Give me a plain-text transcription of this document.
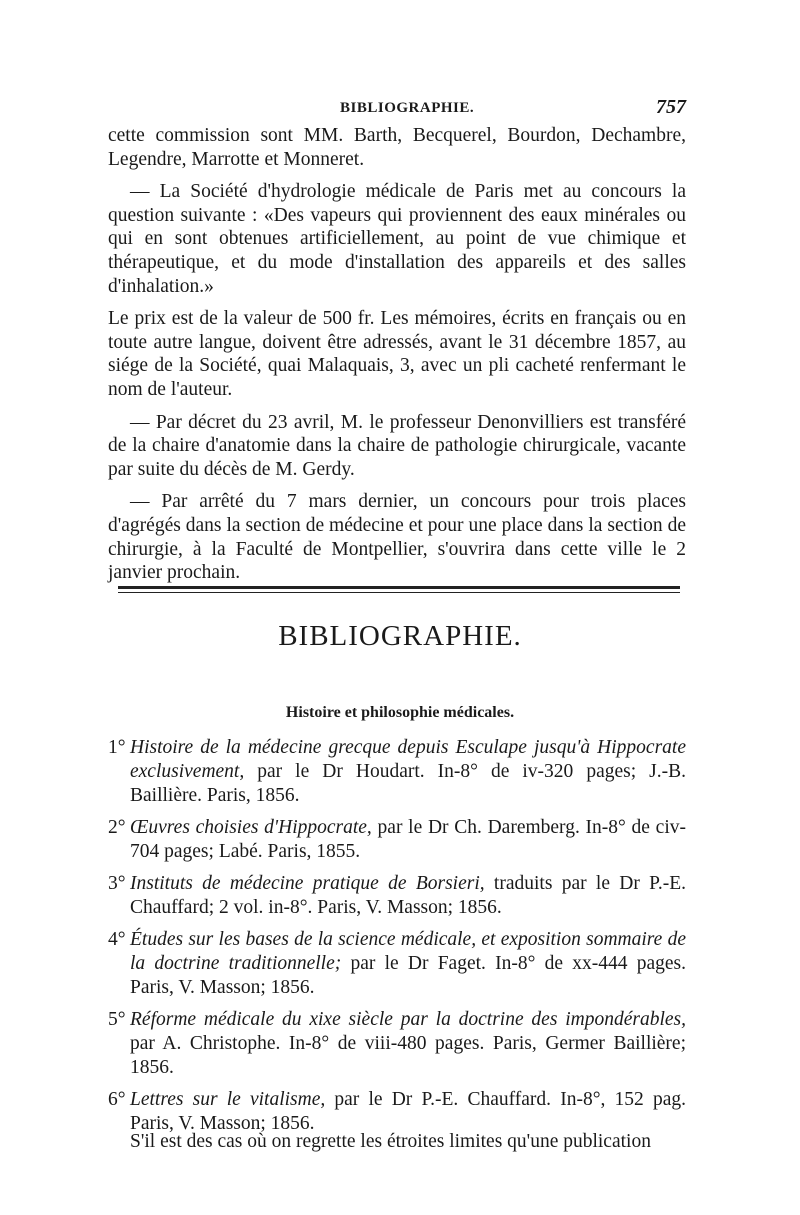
BIBLIOGRAPHIE.	757

cette commission sont MM. Barth, Becquerel, Bourdon, Dechambre, Legendre, Marrotte et Monneret.

— La Société d'hydrologie médicale de Paris met au concours la question suivante : «Des vapeurs qui proviennent des eaux minérales ou qui en sont obtenues artificiellement, au point de vue chimique et thérapeutique, et du mode d'installation des appareils et des salles d'inhalation.»

Le prix est de la valeur de 500 fr. Les mémoires, écrits en français ou en toute autre langue, doivent être adressés, avant le 31 décembre 1857, au siége de la Société, quai Malaquais, 3, avec un pli cacheté renfermant le nom de l'auteur.

— Par décret du 23 avril, M. le professeur Denonvilliers est transféré de la chaire d'anatomie dans la chaire de pathologie chirurgicale, vacante par suite du décès de M. Gerdy.

— Par arrêté du 7 mars dernier, un concours pour trois places d'agrégés dans la section de médecine et pour une place dans la section de chirurgie, à la Faculté de Montpellier, s'ouvrira dans cette ville le 2 janvier prochain.

BIBLIOGRAPHIE.
Histoire et philosophie médicales.
1° Histoire de la médecine grecque depuis Esculape jusqu'à Hippocrate exclusivement, par le Dr Houdart. In-8° de iv-320 pages; J.-B. Baillière. Paris, 1856.
2° Œuvres choisies d'Hippocrate, par le Dr Ch. Daremberg. In-8° de civ-704 pages; Labé. Paris, 1855.
3° Instituts de médecine pratique de Borsieri, traduits par le Dr P.-E. Chauffard; 2 vol. in-8°. Paris, V. Masson; 1856.
4° Études sur les bases de la science médicale, et exposition sommaire de la doctrine traditionnelle; par le Dr Faget. In-8° de xx-444 pages. Paris, V. Masson; 1856.
5° Réforme médicale du xixe siècle par la doctrine des impondérables, par A. Christophe. In-8° de viii-480 pages. Paris, Germer Baillière; 1856.
6° Lettres sur le vitalisme, par le Dr P.-E. Chauffard. In-8°, 152 pag. Paris, V. Masson; 1856.
S'il est des cas où on regrette les étroites limites qu'une publication
